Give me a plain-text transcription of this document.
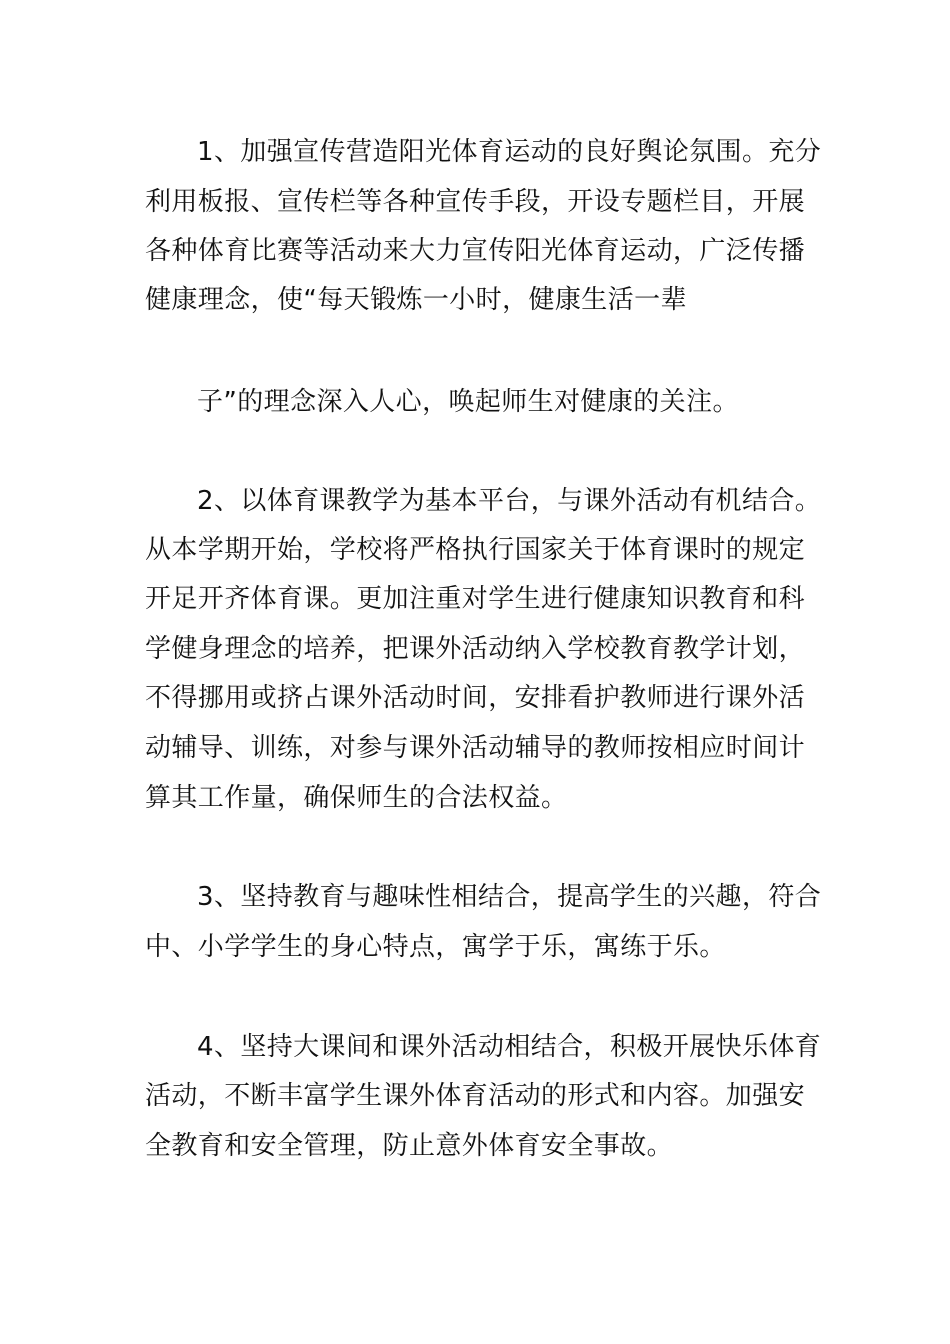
1、加强宣传营造阳光体育运动的良好舆论氛围。充分
利用板报、宣传栏等各种宣传手段，开设专题栏目，开展
各种体育比赛等活动来大力宣传阳光体育运动，广泛传播
健康理念，使“每天锻炼一小时，健康生活一辈
子”的理念深入人心，唤起师生对健康的关注。
2、以体育课教学为基本平台，与课外活动有机结合。
从本学期开始，学校将严格执行国家关于体育课时的规定
开足开齐体育课。更加注重对学生进行健康知识教育和科
学健身理念的培养，把课外活动纳入学校教育教学计划，
不得挪用或挤占课外活动时间，安排看护教师进行课外活
动辅导、训练，对参与课外活动辅导的教师按相应时间计
算其工作量，确保师生的合法权益。
3、坚持教育与趣味性相结合，提高学生的兴趣，符合
中、小学学生的身心特点，寓学于乐，寓练于乐。
4、坚持大课间和课外活动相结合，积极开展快乐体育
活动，不断丰富学生课外体育活动的形式和内容。加强安
全教育和安全管理，防止意外体育安全事故。
